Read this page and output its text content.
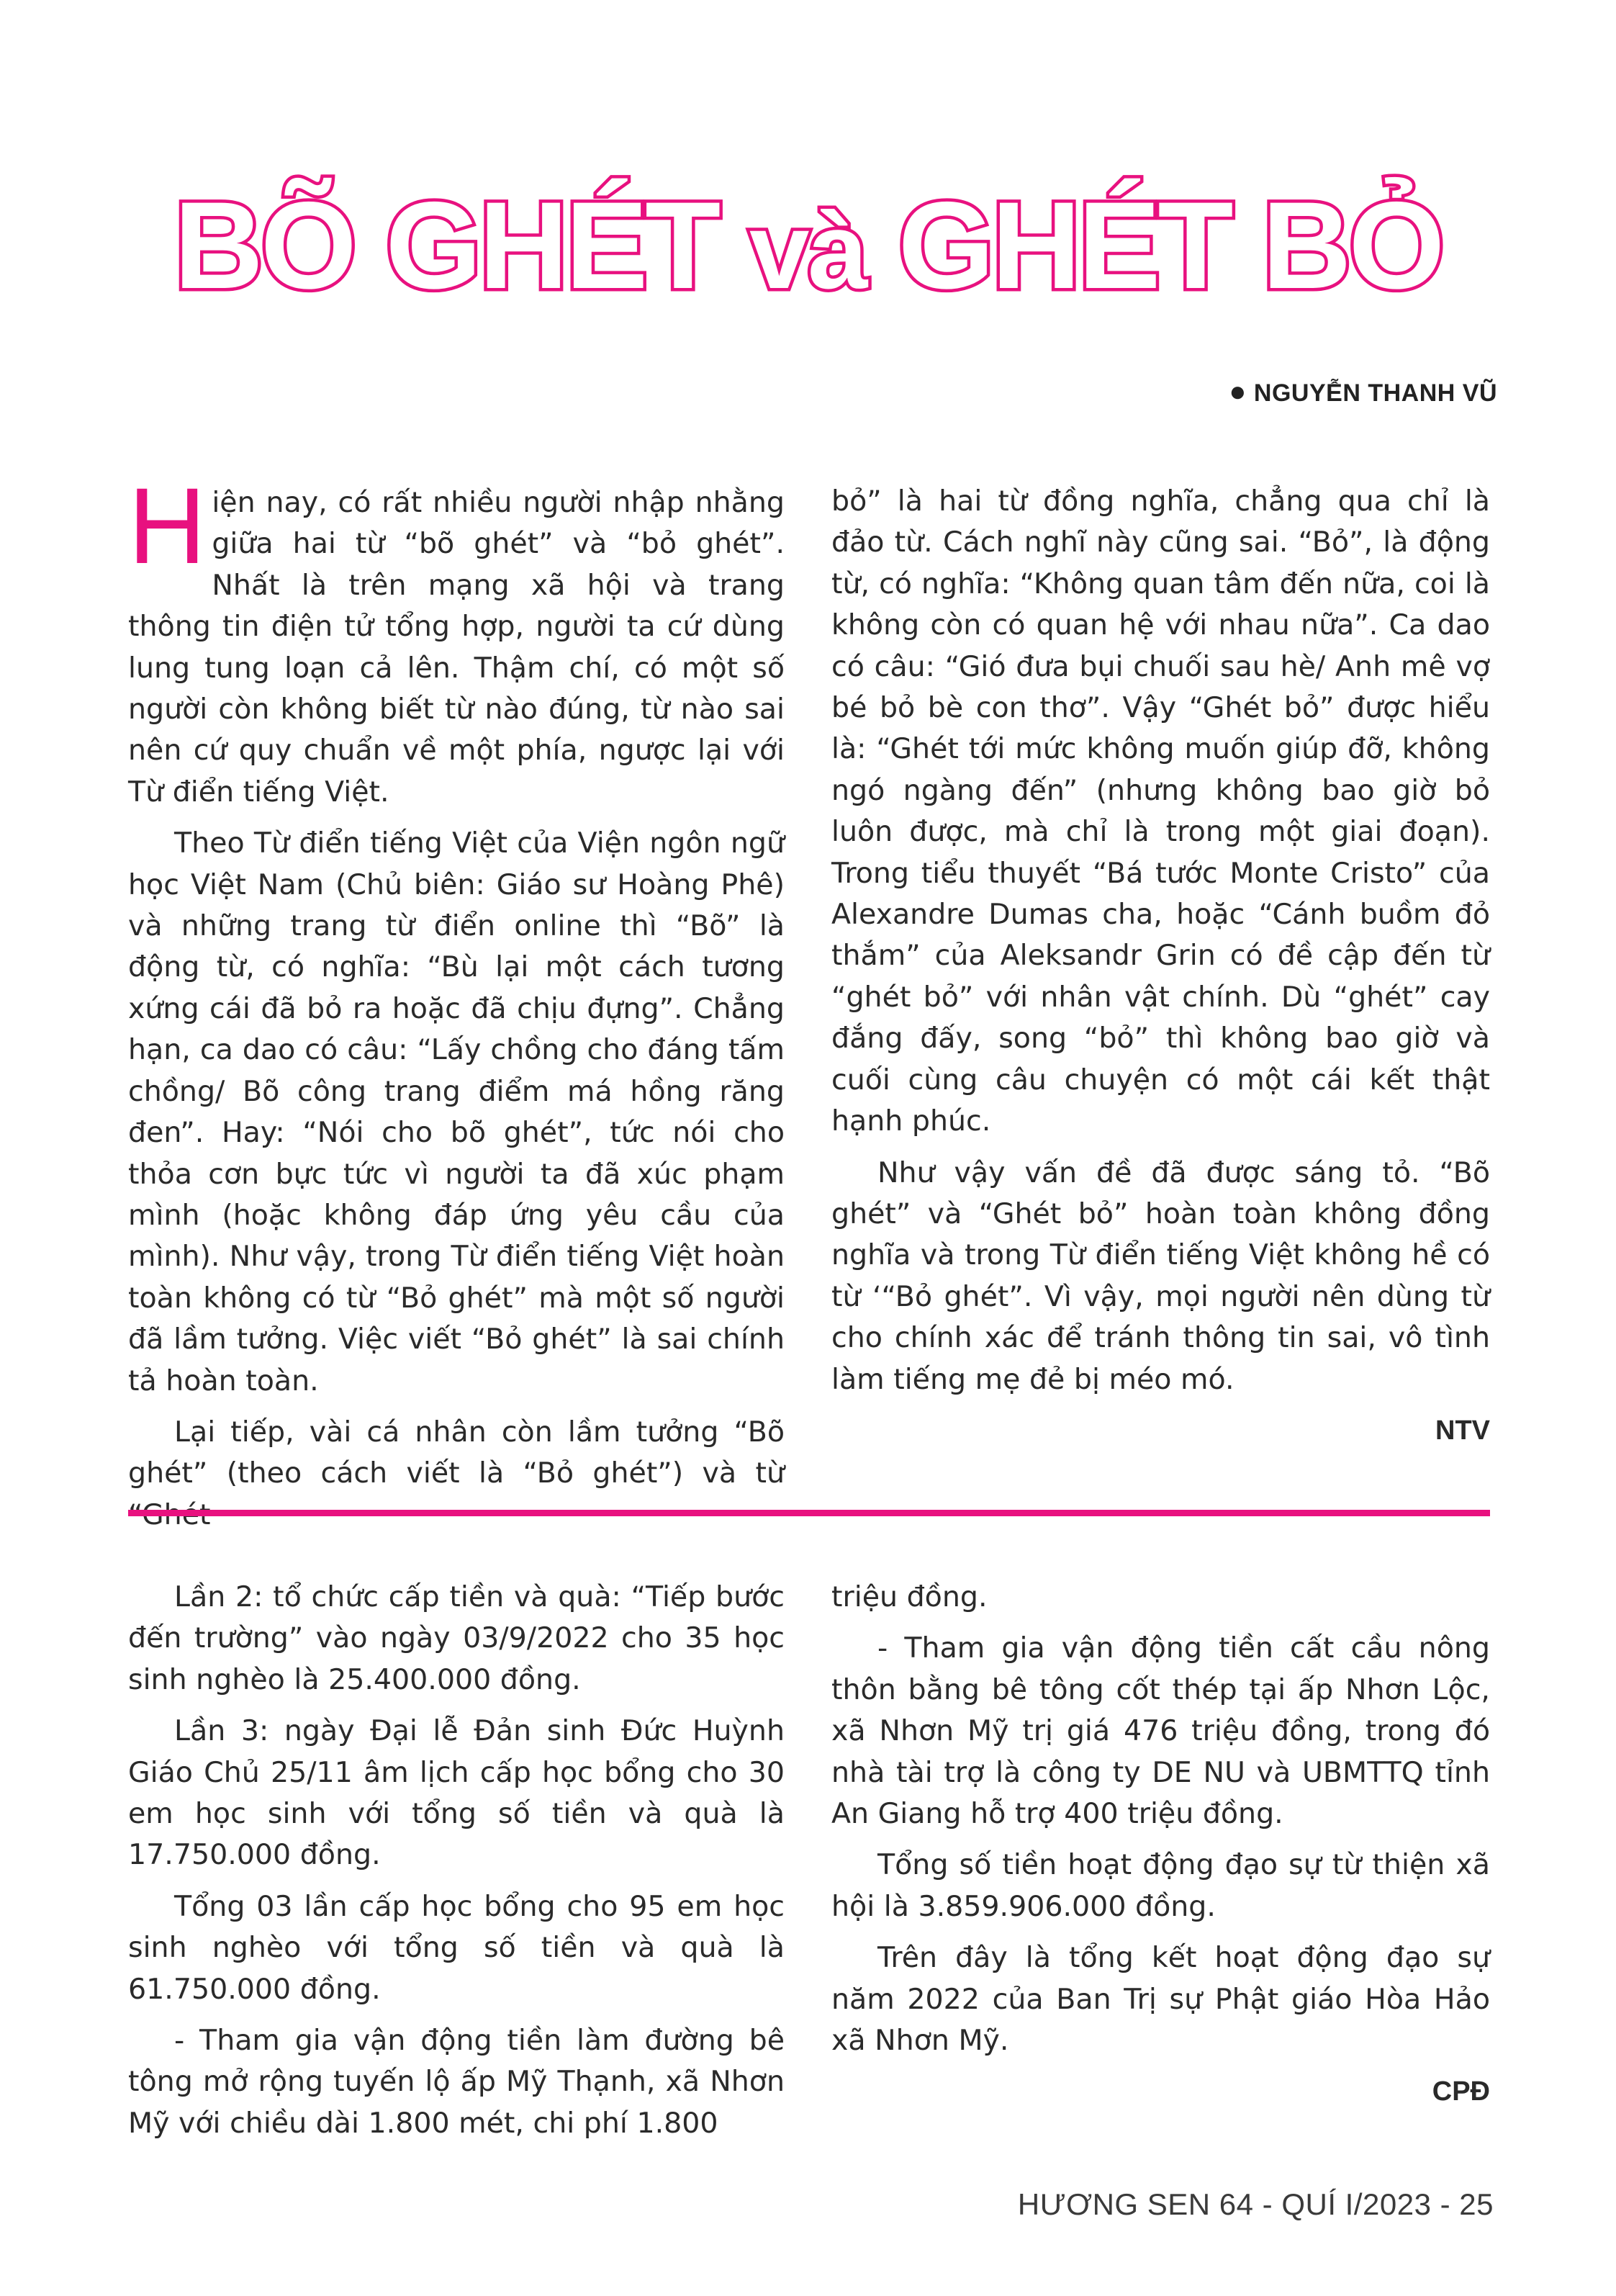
BÕ GHÉT và GHÉT BỎ
● NGUYỄN THANH VŨ

Hiện nay, có rất nhiều người nhập nhằng giữa hai từ “bõ ghét” và “bỏ ghét”. Nhất là trên mạng xã hội và trang thông tin điện tử tổng hợp, người ta cứ dùng lung tung loạn cả lên. Thậm chí, có một số người còn không biết từ nào đúng, từ nào sai nên cứ quy chuẩn về một phía, ngược lại với Từ điển tiếng Việt.

Theo Từ điển tiếng Việt của Viện ngôn ngữ học Việt Nam (Chủ biên: Giáo sư Hoàng Phê) và những trang từ điển online thì “Bõ” là động từ, có nghĩa: “Bù lại một cách tương xứng cái đã bỏ ra hoặc đã chịu đựng”. Chẳng hạn, ca dao có câu: “Lấy chồng cho đáng tấm chồng/ Bõ công trang điểm má hồng răng đen”. Hay: “Nói cho bõ ghét”, tức nói cho thỏa cơn bực tức vì người ta đã xúc phạm mình (hoặc không đáp ứng yêu cầu của mình). Như vậy, trong Từ điển tiếng Việt hoàn toàn không có từ “Bỏ ghét” mà một số người đã lầm tưởng. Việc viết “Bỏ ghét” là sai chính tả hoàn toàn.

Lại tiếp, vài cá nhân còn lầm tưởng “Bõ ghét” (theo cách viết là “Bỏ ghét”) và từ

bỏ” là hai từ đồng nghĩa, chẳng qua chỉ là đảo từ. Cách nghĩ này cũng sai. “Bỏ”, là động từ, có nghĩa: “Không quan tâm đến nữa, coi là không còn có quan hệ với nhau nữa”. Ca dao có câu: “Gió đưa bụi chuối sau hè/ Anh mê vợ bé bỏ bè con thơ”. Vậy “Ghét bỏ” được hiểu là: “Ghét tới mức không muốn giúp đỡ, không ngó ngàng đến” (nhưng không bao giờ bỏ luôn được, mà chỉ là trong một giai đoạn). Trong tiểu thuyết “Bá tước Monte Cristo” của Alexandre Dumas cha, hoặc “Cánh buồm đỏ thắm” của Aleksandr Grin có đề cập đến từ “ghét bỏ” với nhân vật chính. Dù “ghét” cay đắng đấy, song “bỏ” thì không bao giờ và cuối cùng câu chuyện có một cái kết thật hạnh phúc.

Như vậy vấn đề đã được sáng tỏ. “Bõ ghét” và “Ghét bỏ” hoàn toàn không đồng nghĩa và trong Từ điển tiếng Việt không hề có từ ‘“Bỏ ghét”. Vì vậy, mọi người nên dùng từ cho chính xác để tránh thông tin sai, vô tình làm tiếng mẹ đẻ bị méo mó.

NTV

Lần 2: tổ chức cấp tiền và quà: “Tiếp bước đến trường” vào ngày 03/9/2022 cho 35 học sinh nghèo là 25.400.000 đồng.

Lần 3: ngày Đại lễ Đản sinh Đức Huỳnh Giáo Chủ 25/11 âm lịch cấp học bổng cho 30 em học sinh với tổng số tiền và quà là 17.750.000 đồng.

Tổng 03 lần cấp học bổng cho 95 em học sinh nghèo với tổng số tiền và quà là 61.750.000 đồng.

- Tham gia vận động tiền làm đường bê tông mở rộng tuyến lộ ấp Mỹ Thạnh, xã Nhơn Mỹ với chiều dài 1.800 mét, chi phí 1.800

triệu đồng.

- Tham gia vận động tiền cất cầu nông thôn bằng bê tông cốt thép tại ấp Nhơn Lộc, xã Nhơn Mỹ trị giá 476 triệu đồng, trong đó nhà tài trợ là công ty DE NU và UBMTTQ tỉnh An Giang hỗ trợ 400 triệu đồng.

Tổng số tiền hoạt động đạo sự từ thiện xã hội là 3.859.906.000 đồng.

Trên đây là tổng kết hoạt động đạo sự năm 2022 của Ban Trị sự Phật giáo Hòa Hảo xã Nhơn Mỹ.

CPĐ

HƯƠNG SEN 64 - QUÍ I/2023 - 25
